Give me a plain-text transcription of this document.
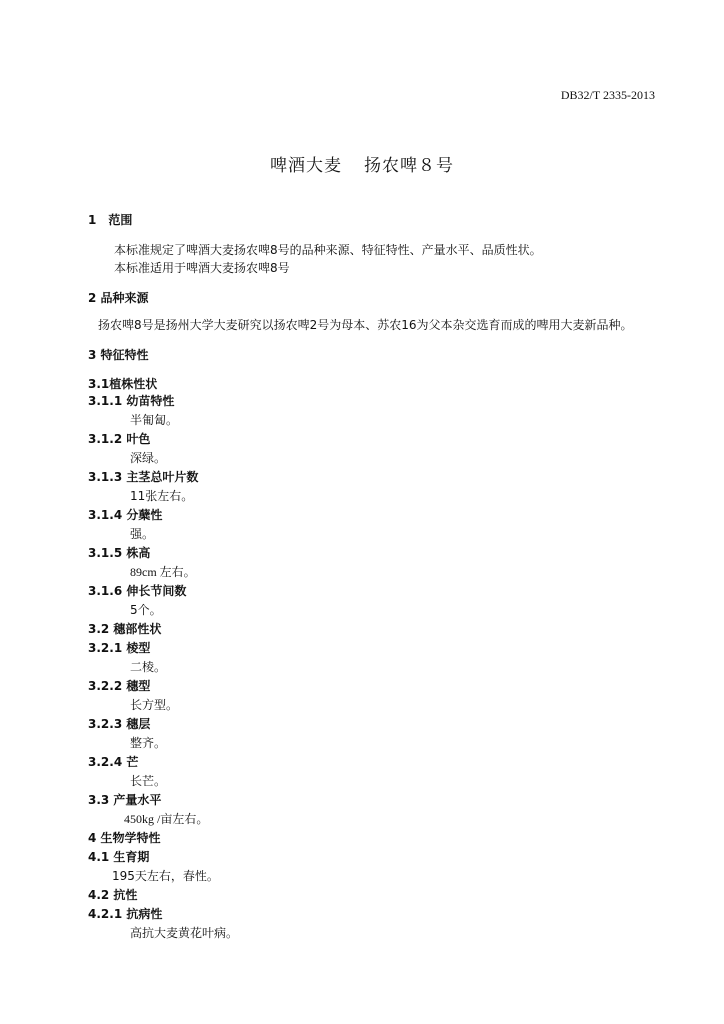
DB32/T 2335-2013
啤酒大麦 扬农啤８号
1　范围
本标准规定了啤酒大麦扬农啤8号的品种来源、特征特性、产量水平、品质性状。
本标准适用于啤酒大麦扬农啤8号
2 品种来源
扬农啤8号是扬州大学大麦研究以扬农啤2号为母本、苏农16为父本杂交选育而成的啤用大麦新品种。
3 特征特性
3.1植株性状
3.1.1 幼苗特性
半匍匐。
3.1.2 叶色
深绿。
3.1.3 主茎总叶片数
11张左右。
3.1.4 分蘖性
强。
3.1.5 株高
89cm 左右。
3.1.6 伸长节间数
5个。
3.2 穗部性状
3.2.1 棱型
二棱。
3.2.2 穗型
长方型。
3.2.3 穗层
整齐。
3.2.4 芒
长芒。
3.3 产量水平
450kg /亩左右。
4 生物学特性
4.1 生育期
195天左右，春性。
4.2 抗性
4.2.1 抗病性
高抗大麦黄花叶病。
